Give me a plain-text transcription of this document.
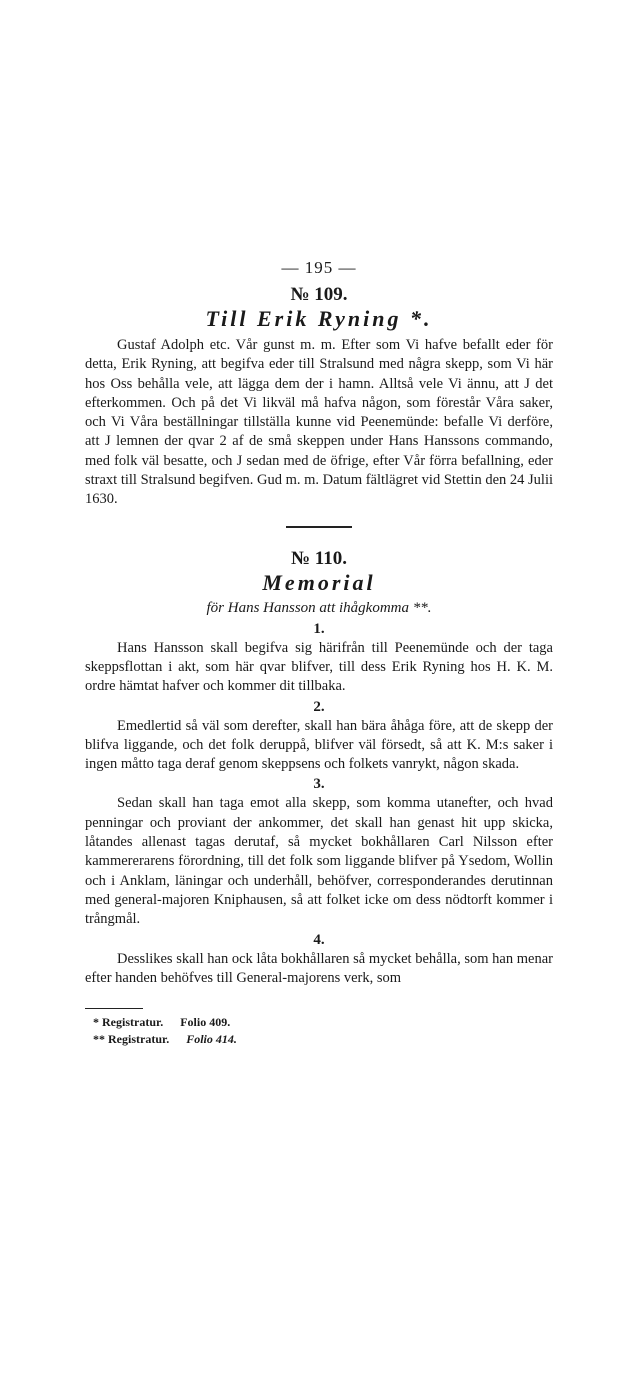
— 195 —
№ 109.
Till Erik Ryning *.

Gustaf Adolph etc. Vår gunst m. m. Efter som Vi hafve befallt eder för detta, Erik Ryning, att begifva eder till Stralsund med några skepp, som Vi här hos Oss behålla vele, att lägga dem der i hamn. Alltså vele Vi ännu, att J det efterkommen. Och på det Vi likväl må hafva någon, som förestår Våra saker, och Vi Våra beställningar tillställa kunne vid Peenemünde: befalle Vi derföre, att J lemnen der qvar 2 af de små skeppen under Hans Hanssons commando, med folk väl besatte, och J sedan med de öfrige, efter Vår förra befallning, eder straxt till Stralsund begifven. Gud m. m. Datum fältlägret vid Stettin den 24 Julii 1630.

№ 110.
Memorial
för Hans Hansson att ihågkomma **.
1.

Hans Hansson skall begifva sig härifrån till Peenemünde och der taga skeppsflottan i akt, som här qvar blifver, till dess Erik Ryning hos H. K. M. ordre hämtat hafver och kommer dit tillbaka.

2.

Emedlertid så väl som derefter, skall han bära åhåga före, att de skepp der blifva liggande, och det folk deruppå, blifver väl försedt, så att K. M:s saker i ingen måtto taga deraf genom skeppsens och folkets vanrykt, någon skada.

3.

Sedan skall han taga emot alla skepp, som komma utanefter, och hvad penningar och proviant der ankommer, det skall han genast hit upp skicka, låtandes allenast tagas derutaf, så mycket bokhållaren Carl Nilsson efter kammererarens förordning, till det folk som liggande blifver på Ysedom, Wollin och i Anklam, läningar och underhåll, behöfver, corresponderandes derutinnan med general-majoren Kniphausen, så att folket icke om dess nödtorft kommer i trångmål.

4.

Desslikes skall han ock låta bokhållaren så mycket behålla, som han menar efter handen behöfves till General-majorens verk, som

* Registratur. Folio 409.
** Registratur. Folio 414.
